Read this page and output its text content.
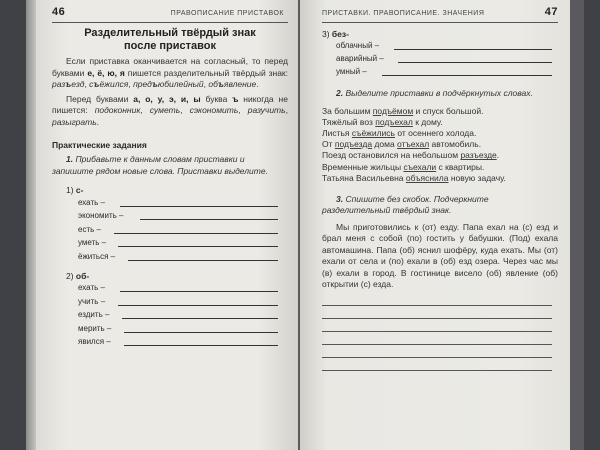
46	ПРАВОПИСАНИЕ ПРИСТАВОК
Разделительный твёрдый знак
после приставок

Если приставка оканчивается на согласный, то перед буквами е, ё, ю, я пишется разделительный твёрдый знак: разъезд, съёжился, предъюбилейный, объявление.

Перед буквами а, о, у, э, и, ы буква ъ никогда не пишется: подоконник, суметь, сэкономить, разучить, разыграть.

Практические задания
1. Прибавьте к данным словам приставки и запишите рядом новые слова. Приставки выделите.
1) с-
ехать –
экономить –
есть –
уметь –
ёжиться –
2) об-
ехать –
учить –
ездить –
мерить –
явился –
ПРИСТАВКИ. ПРАВОПИСАНИЕ. ЗНАЧЕНИЯ	47
3) без-
облачный –
аварийный –
умный –
2. Выделите приставки в подчёркнутых словах.
За большим подъёмом и спуск большой.
Тяжёлый воз подъехал к дому.
Листья съёжились от осеннего холода.
От подъезда дома отъехал автомобиль.
Поезд остановился на небольшом разъезде.
Временные жильцы съехали с квартиры.
Татьяна Васильевна объяснила новую задачу.
3. Спишите без скобок. Подчеркните разделительный твёрдый знак.

Мы приготовились к (от) езду. Папа ехал на (с) езд и брал меня с собой (по) гостить у бабушки. (Под) ехала автомашина. Папа (об) яснил шофёру, куда ехать. Мы (от) ехали от села и (по) ехали в (об) езд озера. Через час мы (в) ехали в город. В гостинице висело (об) явление (об) открытии (с) езда.
